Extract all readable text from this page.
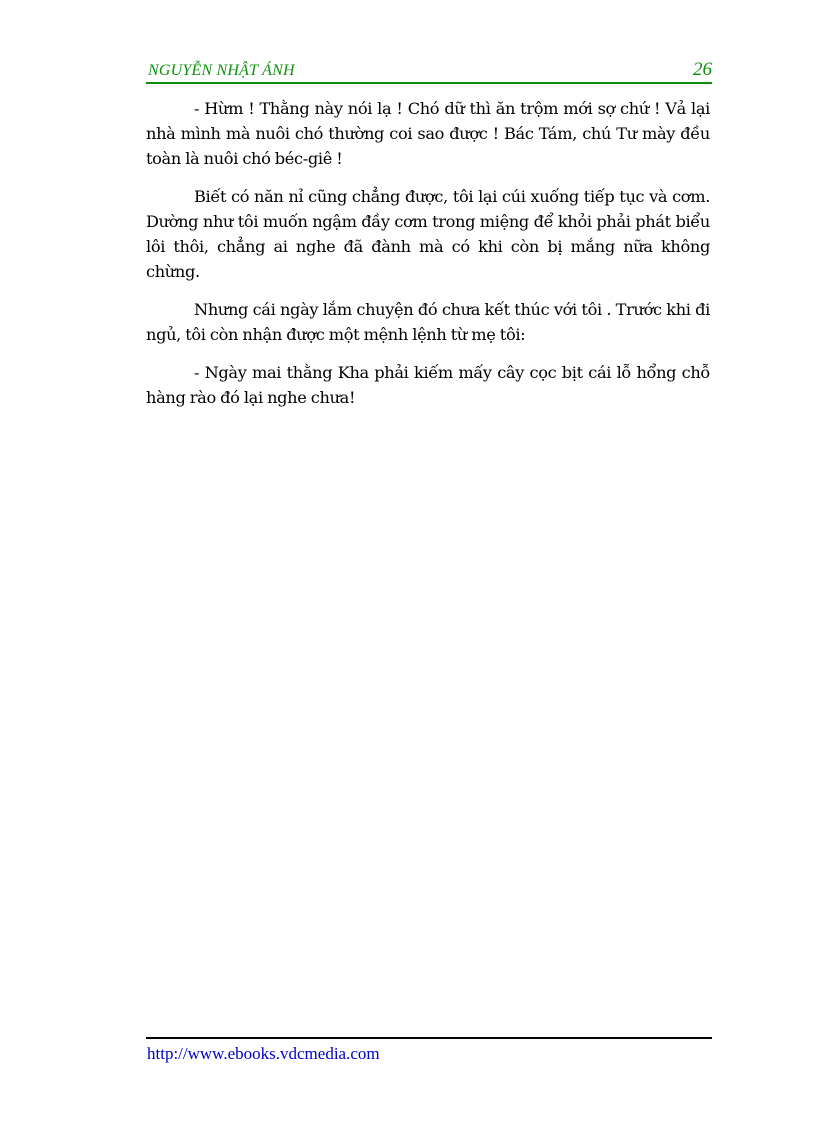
NGUYỄN NHẬT ÁNH	26

- Hừm ! Thằng này nói lạ ! Chó dữ thì ăn trộm mới sợ chứ ! Vả lại nhà mình mà nuôi chó thường coi sao được ! Bác Tám, chú Tư mày đều toàn là nuôi chó béc-giê !

Biết có năn nỉ cũng chẳng được, tôi lại cúi xuống tiếp tục và cơm. Dường như tôi muốn ngậm đầy cơm trong miệng để khỏi phải phát biểu lôi thôi, chẳng ai nghe đã đành mà có khi còn bị mắng nữa không chừng.

Nhưng cái ngày lắm chuyện đó chưa kết thúc với tôi . Trước khi đi ngủ, tôi còn nhận được một mệnh lệnh từ mẹ tôi:

- Ngày mai thằng Kha phải kiếm mấy cây cọc bịt cái lỗ hổng chỗ hàng rào đó lại nghe chưa!

http://www.ebooks.vdcmedia.com
